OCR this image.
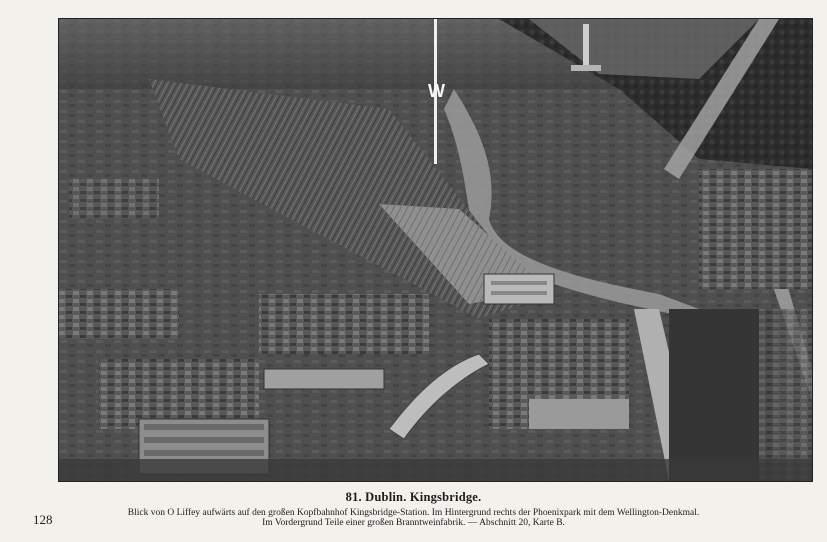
W
81. Dublin. Kingsbridge.
Blick von O Liffey aufwärts auf den großen Kopfbahnhof Kingsbridge-Station. Im Hintergrund rechts der Phoenixpark mit dem Wellington-Denkmal.
Im Vordergrund Teile einer großen Branntweinfabrik. — Abschnitt 20, Karte B.
128
